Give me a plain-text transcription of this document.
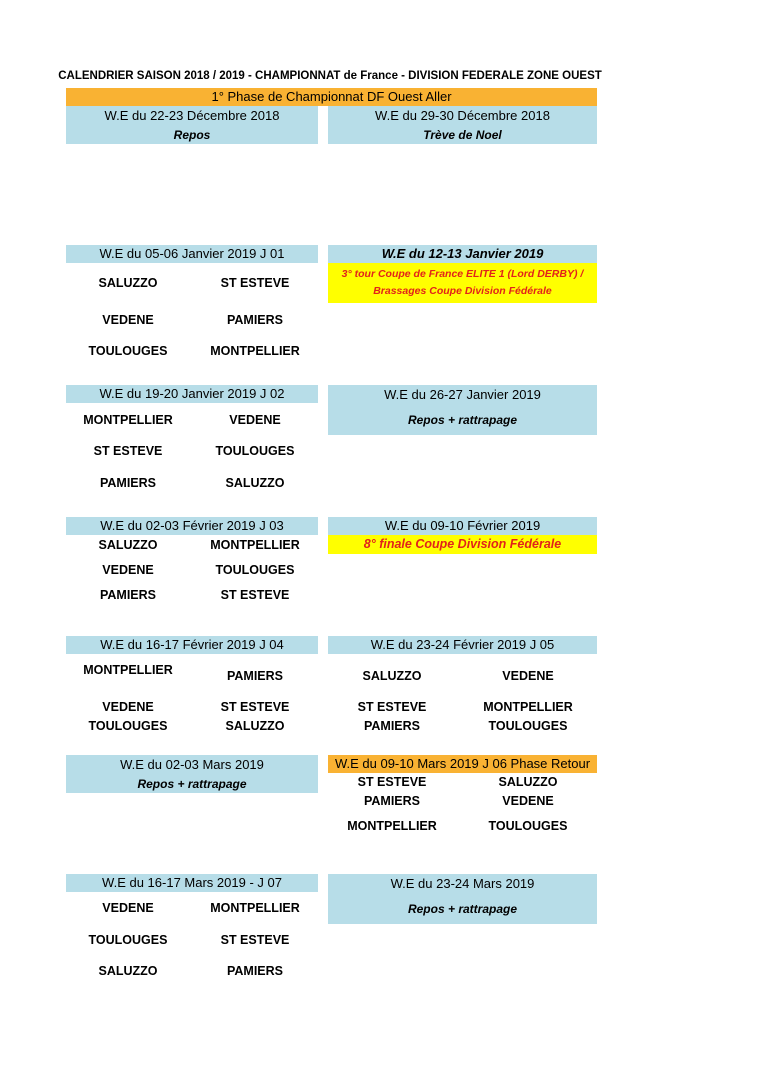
CALENDRIER SAISON 2018 / 2019 - CHAMPIONNAT de France - DIVISION FEDERALE ZONE OUEST
1° Phase de Championnat DF Ouest Aller
W.E du 22-23 Décembre 2018
Repos
W.E du 29-30 Décembre 2018
Trève de Noel
W.E du 05-06 Janvier 2019 J 01
SALUZZO	ST ESTEVE
VEDENE	PAMIERS
TOULOUGES	MONTPELLIER
W.E du 12-13 Janvier 2019
3° tour Coupe de France ELITE 1 (Lord DERBY) /
Brassages Coupe Division Fédérale
W.E du 19-20 Janvier 2019 J 02
MONTPELLIER	VEDENE
ST ESTEVE	TOULOUGES
PAMIERS	SALUZZO
W.E du 26-27 Janvier 2019
Repos + rattrapage
W.E du 02-03 Février 2019 J 03
SALUZZO	MONTPELLIER
VEDENE	TOULOUGES
PAMIERS	ST ESTEVE
W.E du 09-10 Février 2019
8° finale Coupe Division Fédérale
W.E du 16-17 Février 2019 J 04
MONTPELLIER	PAMIERS
VEDENE	ST ESTEVE
TOULOUGES	SALUZZO
W.E du 23-24 Février 2019 J 05
SALUZZO	VEDENE
ST ESTEVE	MONTPELLIER
PAMIERS	TOULOUGES
W.E du 02-03 Mars 2019
Repos + rattrapage
W.E du 09-10 Mars 2019 J 06 Phase Retour
ST ESTEVE	SALUZZO
PAMIERS	VEDENE
MONTPELLIER	TOULOUGES
W.E du 16-17 Mars 2019 - J 07
VEDENE	MONTPELLIER
TOULOUGES	ST ESTEVE
SALUZZO	PAMIERS
W.E du 23-24 Mars 2019
Repos + rattrapage
